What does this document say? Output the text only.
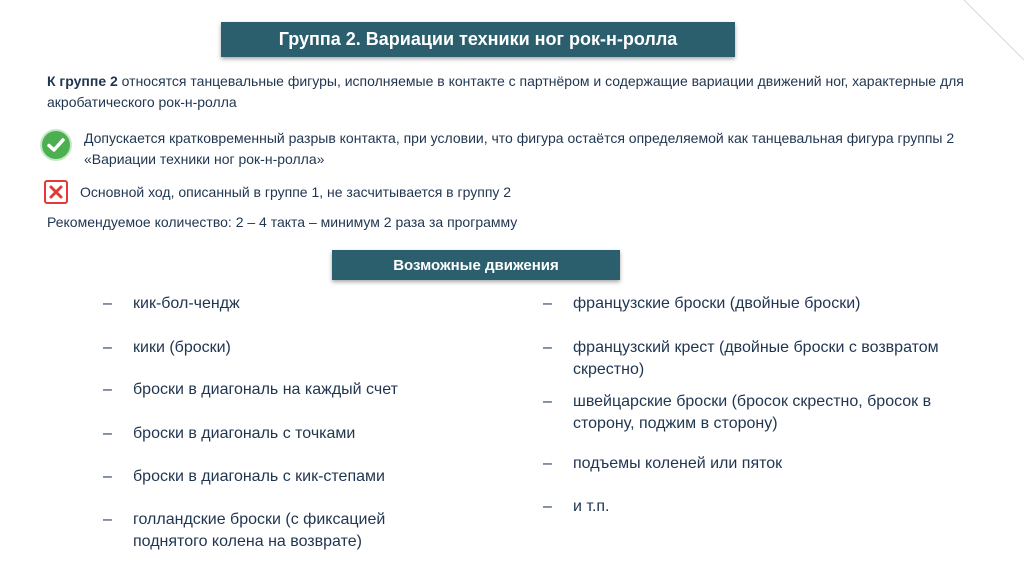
Группа 2. Вариации техники ног рок-н-ролла
К группе 2 относятся танцевальные фигуры, исполняемые в контакте с партнёром и содержащие вариации движений ног, характерные для акробатического рок-н-ролла
Допускается кратковременный разрыв контакта, при условии, что фигура остаётся определяемой как танцевальная фигура группы 2 «Вариации техники ног рок-н-ролла»
Основной ход, описанный в группе 1, не засчитывается в группу 2
Рекомендуемое количество: 2 – 4 такта – минимум 2 раза за программу
Возможные движения
– кик-бол-чендж
– кики (броски)
– броски в диагональ на каждый счет
– броски в диагональ с точками
– броски в диагональ с кик-степами
– голландские броски (с фиксацией поднятого колена на возврате)
– французские броски (двойные броски)
– французский крест (двойные броски с возвратом скрестно)
– швейцарские броски (бросок скрестно, бросок в сторону, поджим в сторону)
– подъемы коленей или пяток
– и т.п.
